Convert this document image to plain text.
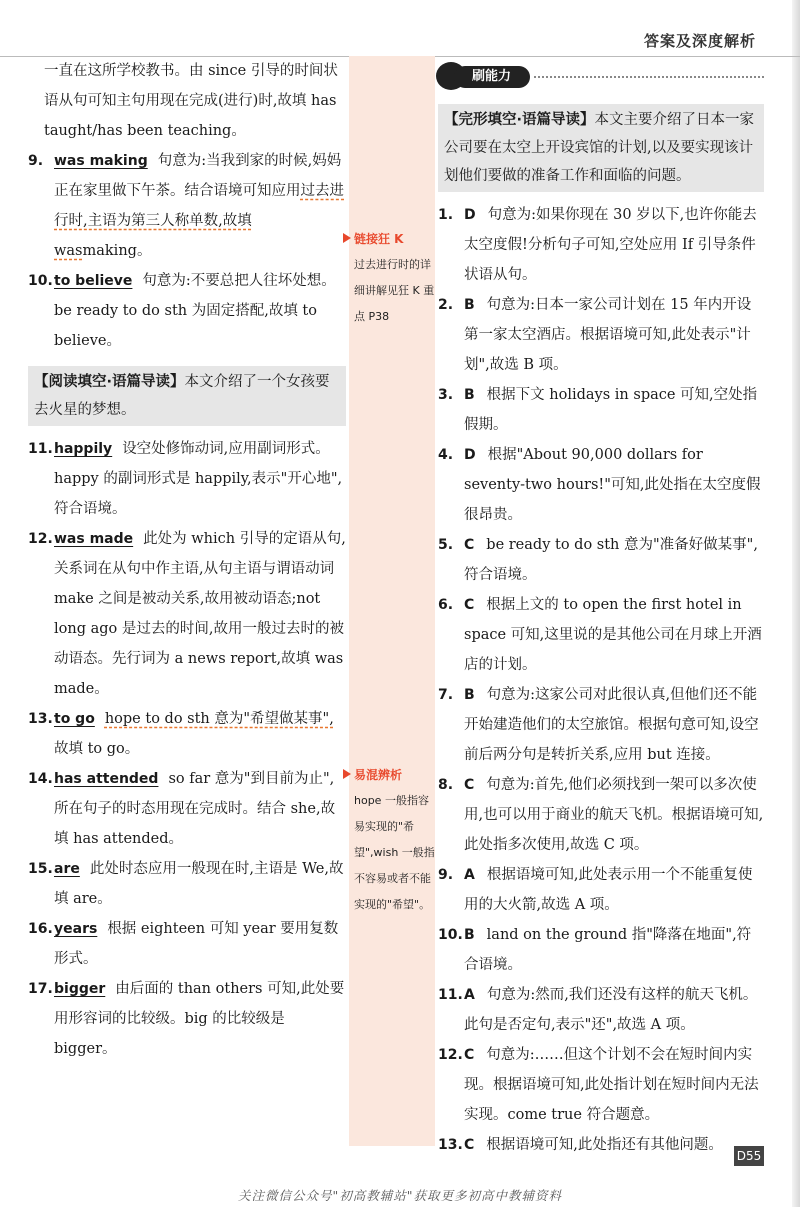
答案及深度解析
一直在这所学校教书。由 since 引导的时间状语从句可知主句用现在完成(进行)时,故填 has taught/has been teaching。
9. was making 句意为:当我到家的时候,妈妈正在家里做下午茶。结合语境可知应用过去进行时,主语为第三人称单数,故填 wasmaking。
10. to believe 句意为:不要总把人往坏处想。be ready to do sth 为固定搭配,故填 to believe。
【阅读填空·语篇导读】本文介绍了一个女孩要去火星的梦想。
11. happily 设空处修饰动词,应用副词形式。happy 的副词形式是 happily,表示"开心地",符合语境。
12. was made 此处为 which 引导的定语从句,关系词在从句中作主语,从句主语与谓语动词 make 之间是被动关系,故用被动语态;not long ago 是过去的时间,故用一般过去时的被动语态。先行词为 a news report,故填 was made。
13. to go hope to do sth 意为"希望做某事",故填 to go。
14. has attended so far 意为"到目前为止",所在句子的时态用现在完成时。结合 she,故填 has attended。
15. are 此处时态应用一般现在时,主语是 We,故填 are。
16. years 根据 eighteen 可知 year 要用复数形式。
17. bigger 由后面的 than others 可知,此处要用形容词的比较级。big 的比较级是 bigger。
链接狂 K
过去进行时的详细讲解见狂 K 重点 P38
易混辨析
hope 一般指容易实现的"希望",wish 一般指不容易或者不能实现的"希望"。
刷能力
【完形填空·语篇导读】本文主要介绍了日本一家公司要在太空上开设宾馆的计划,以及要实现该计划他们要做的准备工作和面临的问题。
1. D 句意为:如果你现在 30 岁以下,也许你能去太空度假!分析句子可知,空处应用 If 引导条件状语从句。
2. B 句意为:日本一家公司计划在 15 年内开设第一家太空酒店。根据语境可知,此处表示"计划",故选 B 项。
3. B 根据下文 holidays in space 可知,空处指假期。
4. D 根据"About 90,000 dollars for seventy-two hours!"可知,此处指在太空度假很昂贵。
5. C be ready to do sth 意为"准备好做某事",符合语境。
6. C 根据上文的 to open the first hotel in space 可知,这里说的是其他公司在月球上开酒店的计划。
7. B 句意为:这家公司对此很认真,但他们还不能开始建造他们的太空旅馆。根据句意可知,设空前后两分句是转折关系,应用 but 连接。
8. C 句意为:首先,他们必须找到一架可以多次使用,也可以用于商业的航天飞机。根据语境可知,此处指多次使用,故选 C 项。
9. A 根据语境可知,此处表示用一个不能重复使用的大火箭,故选 A 项。
10. B land on the ground 指"降落在地面",符合语境。
11. A 句意为:然而,我们还没有这样的航天飞机。此句是否定句,表示"还",故选 A 项。
12. C 句意为:……但这个计划不会在短时间内实现。根据语境可知,此处指计划在短时间内无法实现。come true 符合题意。
13. C 根据语境可知,此处指还有其他问题。
D55
关注微信公众号"初高教辅站"获取更多初高中教辅资料
